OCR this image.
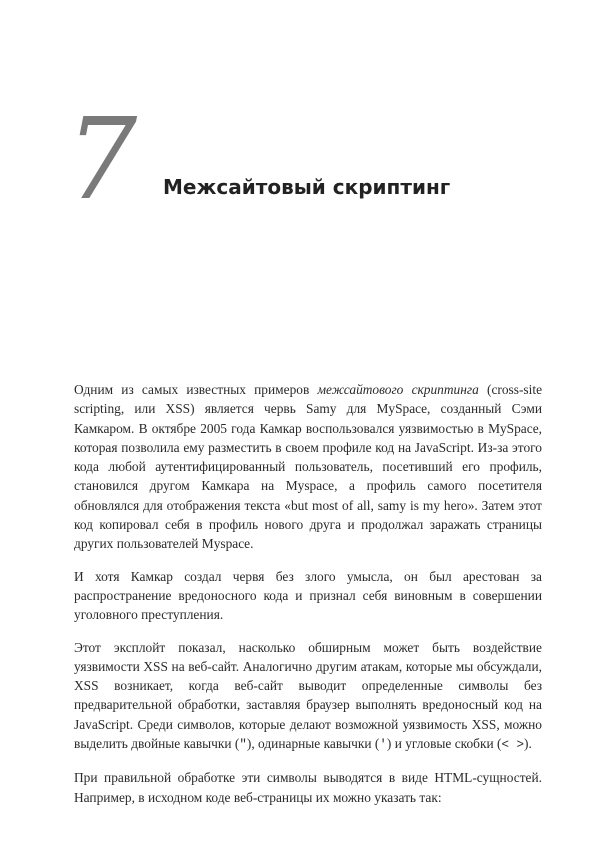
7 Межсайтовый скриптинг

Одним из самых известных примеров межсайтового скриптинга (cross-site scripting, или XSS) является червь Samy для MySpace, созданный Сэми Камкаром. В октябре 2005 года Камкар воспользовался уязвимостью в MySpace, которая позволила ему разместить в своем профиле код на JavaScript. Из-за этого кода любой аутентифицированный пользователь, посетивший его профиль, становился другом Камкара на Myspace, а профиль самого посетителя обновлялся для отображения текста «but most of all, samy is my hero». Затем этот код копировал себя в профиль нового друга и продолжал заражать страницы других пользователей Myspace.

И хотя Камкар создал червя без злого умысла, он был арестован за распространение вредоносного кода и признал себя виновным в совершении уголовного преступления.

Этот эксплойт показал, насколько обширным может быть воздействие уязвимости XSS на веб-сайт. Аналогично другим атакам, которые мы обсуждали, XSS возникает, когда веб-сайт выводит определенные символы без предварительной обработки, заставляя браузер выполнять вредоносный код на JavaScript. Среди символов, которые делают возможной уязвимость XSS, можно выделить двойные кавычки ("), одинарные кавычки (') и угловые скобки (< >).

При правильной обработке эти символы выводятся в виде HTML-сущностей. Например, в исходном коде веб-страницы их можно указать так:
